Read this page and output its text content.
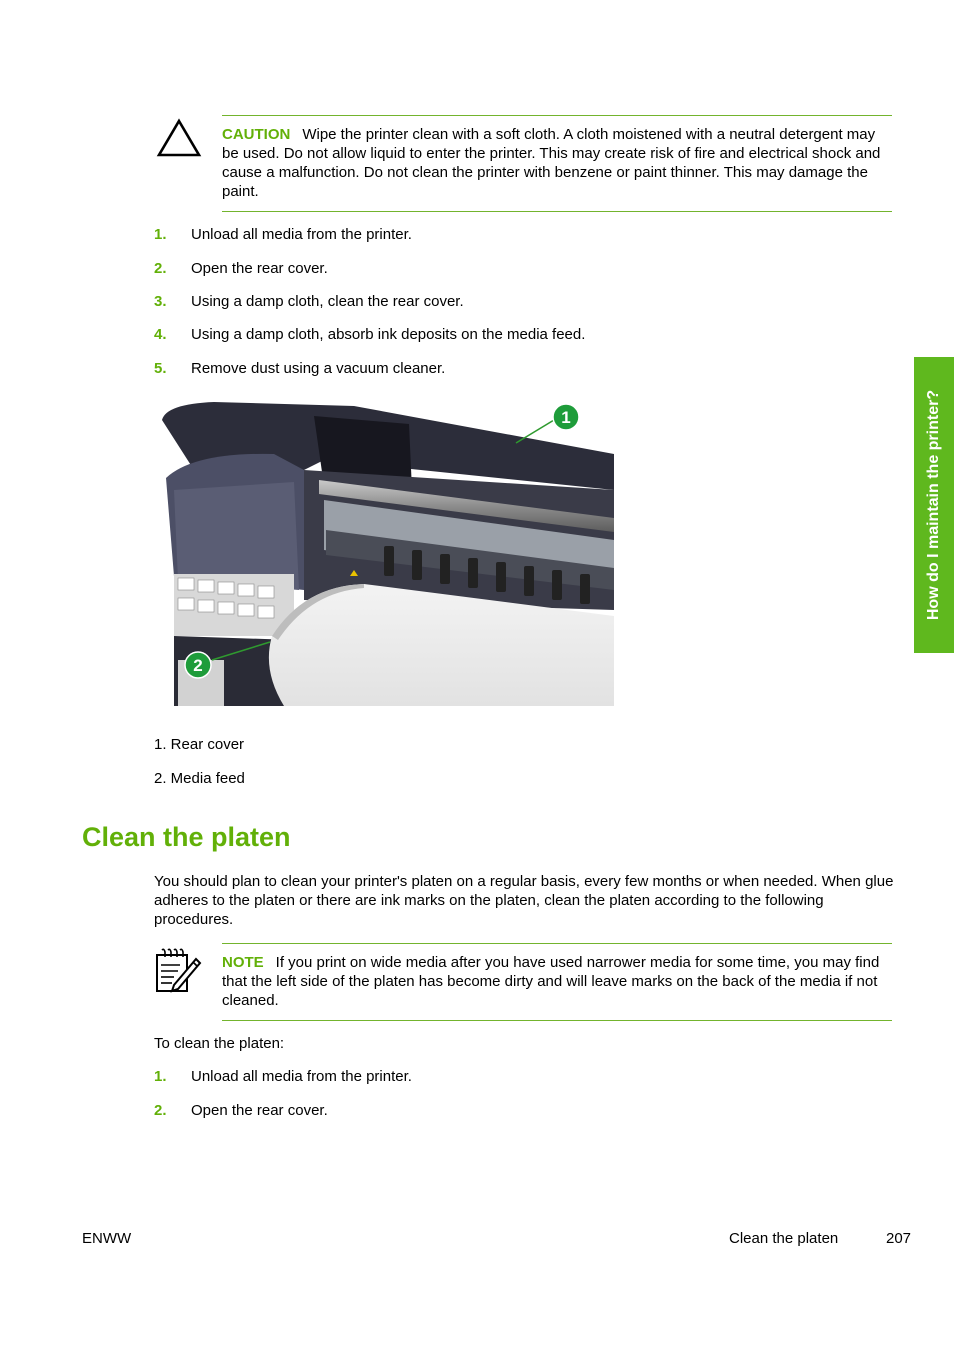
CAUTION Wipe the printer clean with a soft cloth. A cloth moistened with a neutral detergent may be used. Do not allow liquid to enter the printer. This may create risk of fire and electrical shock and cause a malfunction. Do not clean the printer with benzene or paint thinner. This may damage the paint.
1. Unload all media from the printer.
2. Open the rear cover.
3. Using a damp cloth, clean the rear cover.
4. Using a damp cloth, absorb ink deposits on the media feed.
5. Remove dust using a vacuum cleaner.
1
2
1. Rear cover
2. Media feed
Clean the platen
You should plan to clean your printer's platen on a regular basis, every few months or when needed. When glue adheres to the platen or there are ink marks on the platen, clean the platen according to the following procedures.
NOTE If you print on wide media after you have used narrower media for some time, you may find that the left side of the platen has become dirty and will leave marks on the back of the media if not cleaned.
To clean the platen:
1. Unload all media from the printer.
2. Open the rear cover.
How do I maintain the printer?
ENWW	Clean the platen	207
